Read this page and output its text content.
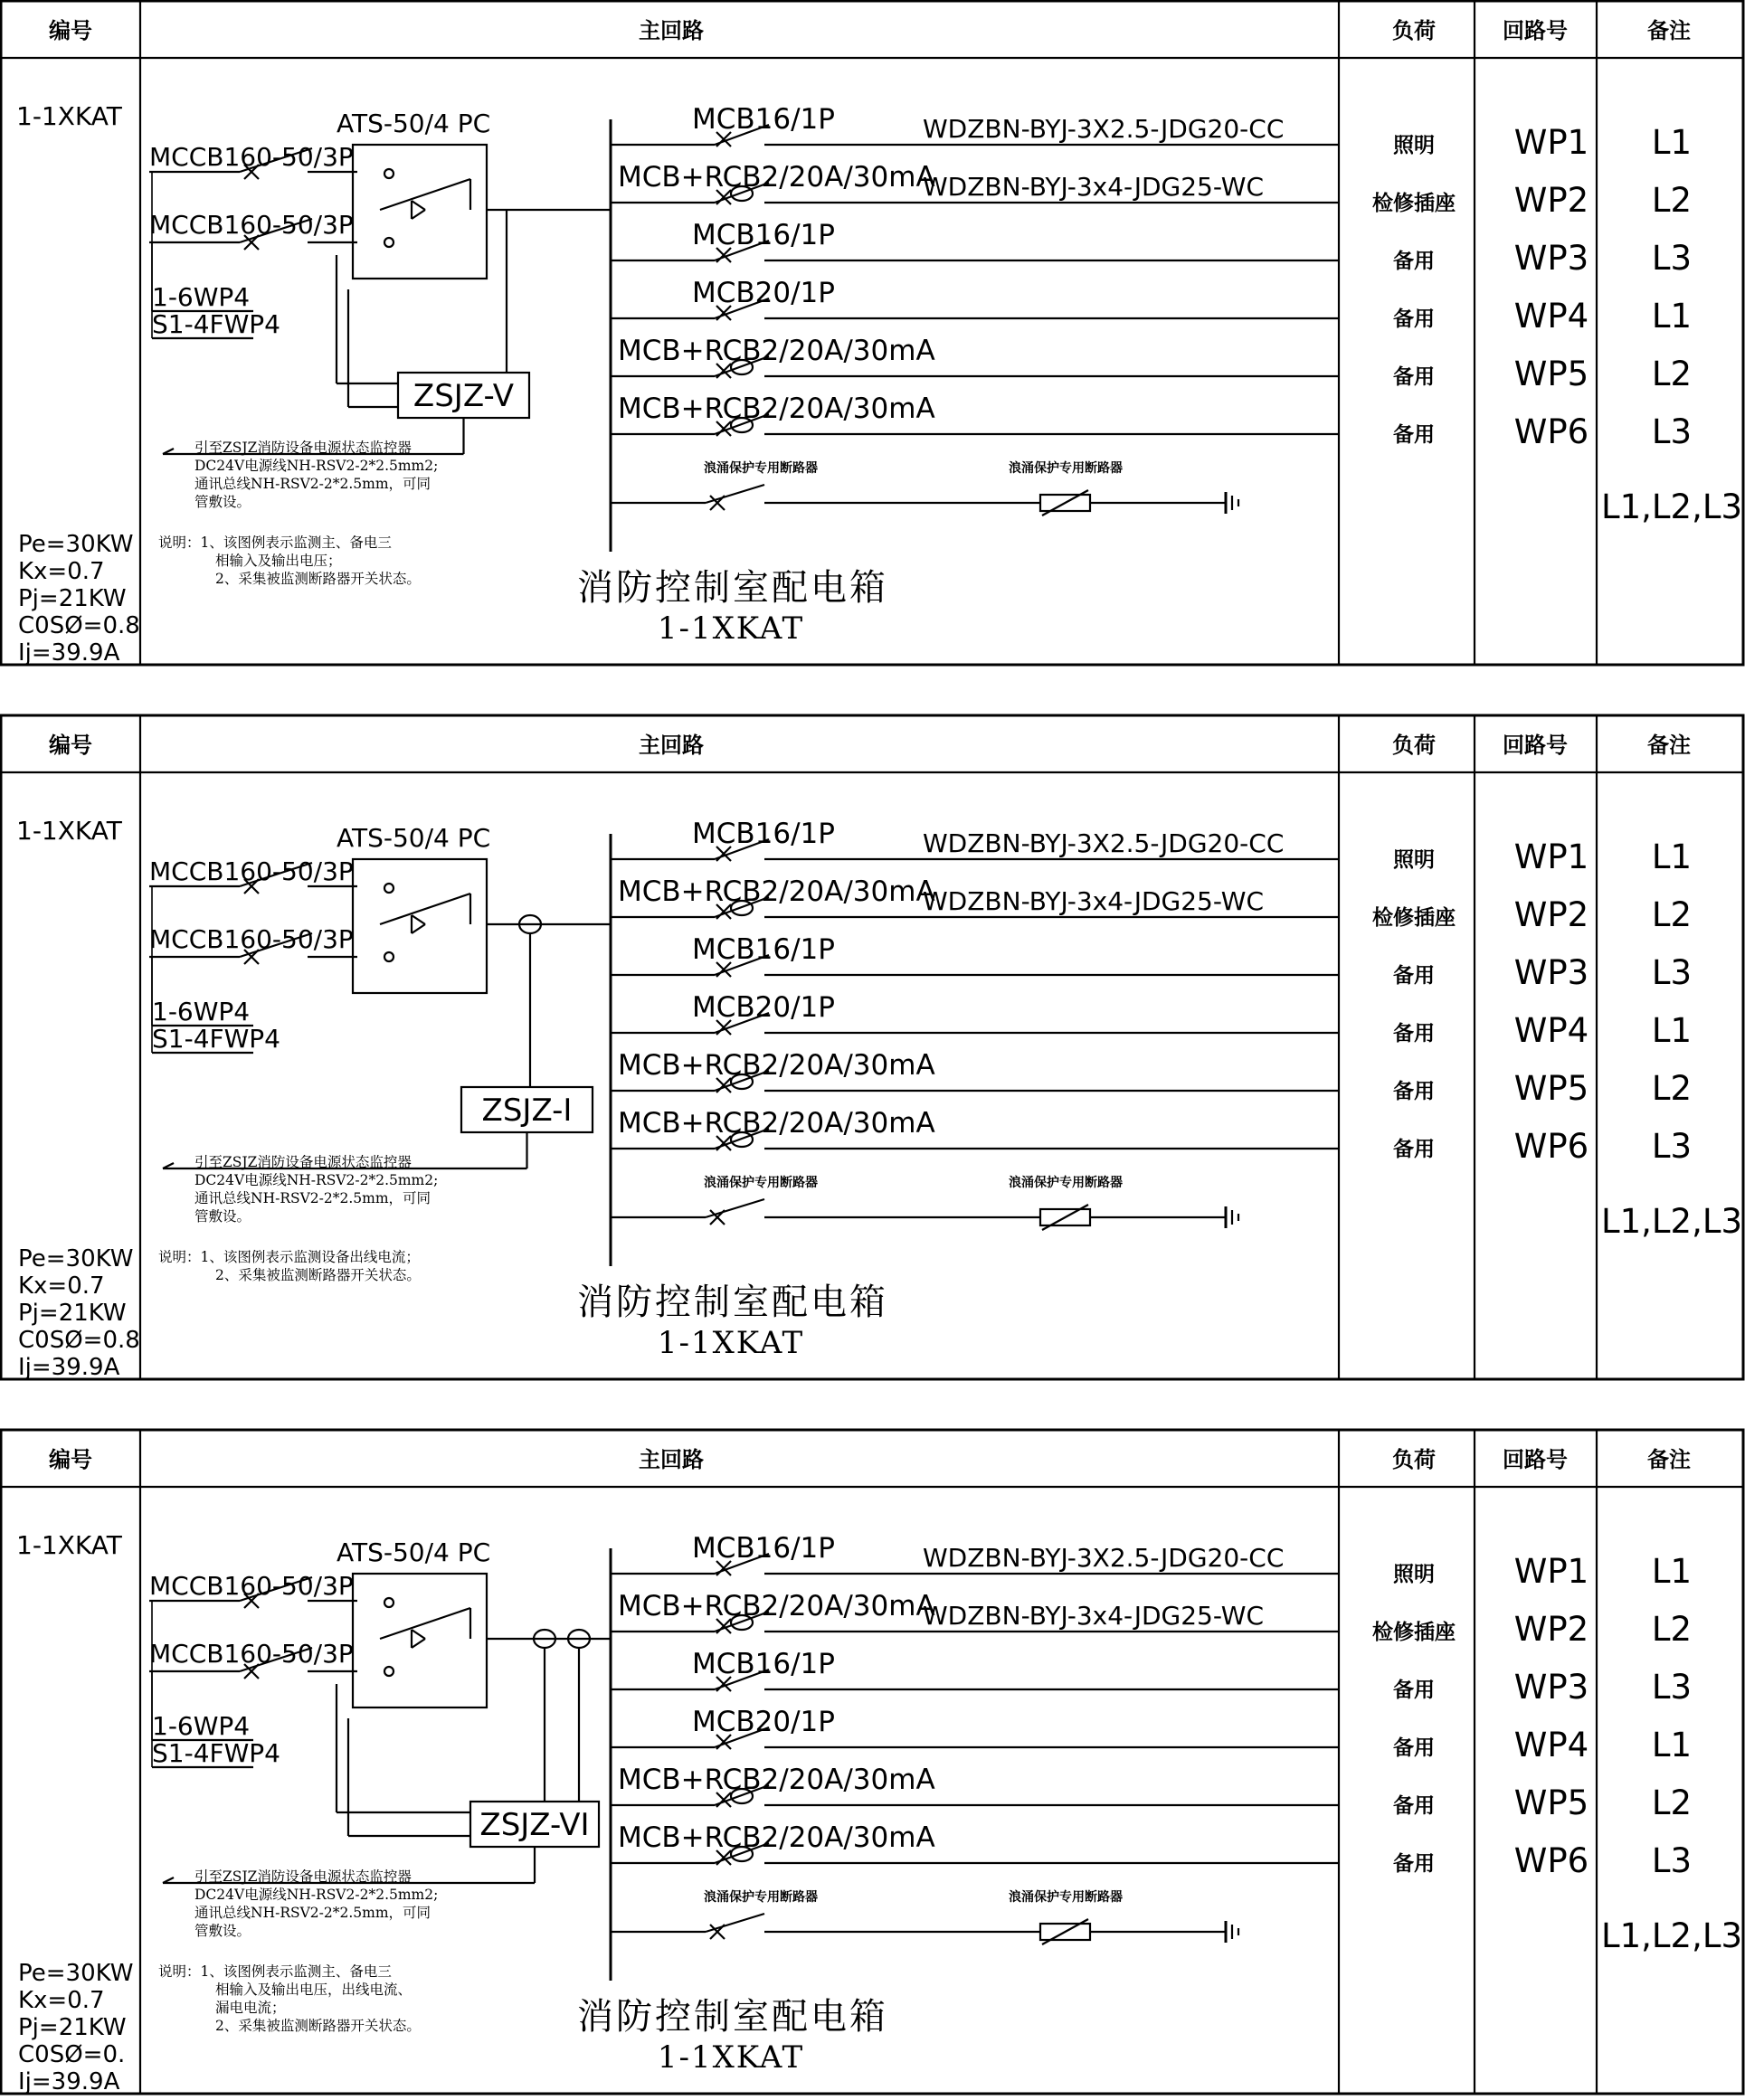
编号	主回路	负荷	回路号	备注
1-1XKAT
Pe=30KW
Kx=0.7
Pj=21KW
C0SØ=0.8
Ij=39.9A
MCCB160-50/3P
MCCB160-50/3P
1-6WP4
S1-4FWP4
ATS-50/4 PC	MCB16/1P
照明 WP1 L1
MCB+RCB2/20A/30mA
检修插座 WP2 L2
MCB16/1P
备用 WP3 L3
MCB20/1P
备用 WP4 L1
MCB+RCB2/20A/30mA
备用 WP5 L2
MCB+RCB2/20A/30mA
备用 WP6 L3
WDZBN-BYJ-3X2.5-JDG20-CC
WDZBN-BYJ-3x4-JDG25-WC
浪涌保护专用断路器	浪涌保护专用断路器
L1,L2,L3
ZSJZ-V
引至ZSJZ消防设备电源状态监控器
DC24V电源线NH-RSV2-2*2.5mm2;
通讯总线NH-RSV2-2*2.5mm，可同
管敷设。
说明：1、该图例表示监测主、备电三
相输入及输出电压；
2、采集被监测断路器开关状态。	消防控制室配电箱
1-1XKAT
编号	主回路	负荷	回路号	备注
1-1XKAT
Pe=30KW
Kx=0.7
Pj=21KW
C0SØ=0.8
Ij=39.9A
MCCB160-50/3P
MCCB160-50/3P
1-6WP4
S1-4FWP4
ATS-50/4 PC	MCB16/1P
照明 WP1 L1
MCB+RCB2/20A/30mA
检修插座 WP2 L2
MCB16/1P
备用 WP3 L3
MCB20/1P
备用 WP4 L1
MCB+RCB2/20A/30mA
备用 WP5 L2
MCB+RCB2/20A/30mA
备用 WP6 L3
WDZBN-BYJ-3X2.5-JDG20-CC
WDZBN-BYJ-3x4-JDG25-WC
浪涌保护专用断路器	浪涌保护专用断路器
L1,L2,L3
ZSJZ-I
引至ZSJZ消防设备电源状态监控器
DC24V电源线NH-RSV2-2*2.5mm2;
通讯总线NH-RSV2-2*2.5mm，可同
管敷设。
说明：1、该图例表示监测设备出线电流；
2、采集被监测断路器开关状态。
消防控制室配电箱
1-1XKAT
编号	主回路	负荷	回路号	备注
1-1XKAT
Pe=30KW
Kx=0.7
Pj=21KW
C0SØ=0.
Ij=39.9A
MCCB160-50/3P
MCCB160-50/3P
1-6WP4
S1-4FWP4
ATS-50/4 PC	MCB16/1P
照明 WP1 L1
MCB+RCB2/20A/30mA
检修插座 WP2 L2
MCB16/1P
备用 WP3 L3
MCB20/1P
备用 WP4 L1
MCB+RCB2/20A/30mA
备用 WP5 L2
MCB+RCB2/20A/30mA
备用 WP6 L3
WDZBN-BYJ-3X2.5-JDG20-CC
WDZBN-BYJ-3x4-JDG25-WC
浪涌保护专用断路器	浪涌保护专用断路器
L1,L2,L3
ZSJZ-VI
引至ZSJZ消防设备电源状态监控器
DC24V电源线NH-RSV2-2*2.5mm2;
通讯总线NH-RSV2-2*2.5mm，可同
管敷设。
说明：1、该图例表示监测主、备电三
相输入及输出电压，出线电流、
漏电电流；
2、采集被监测断路器开关状态。	消防控制室配电箱
1-1XKAT
